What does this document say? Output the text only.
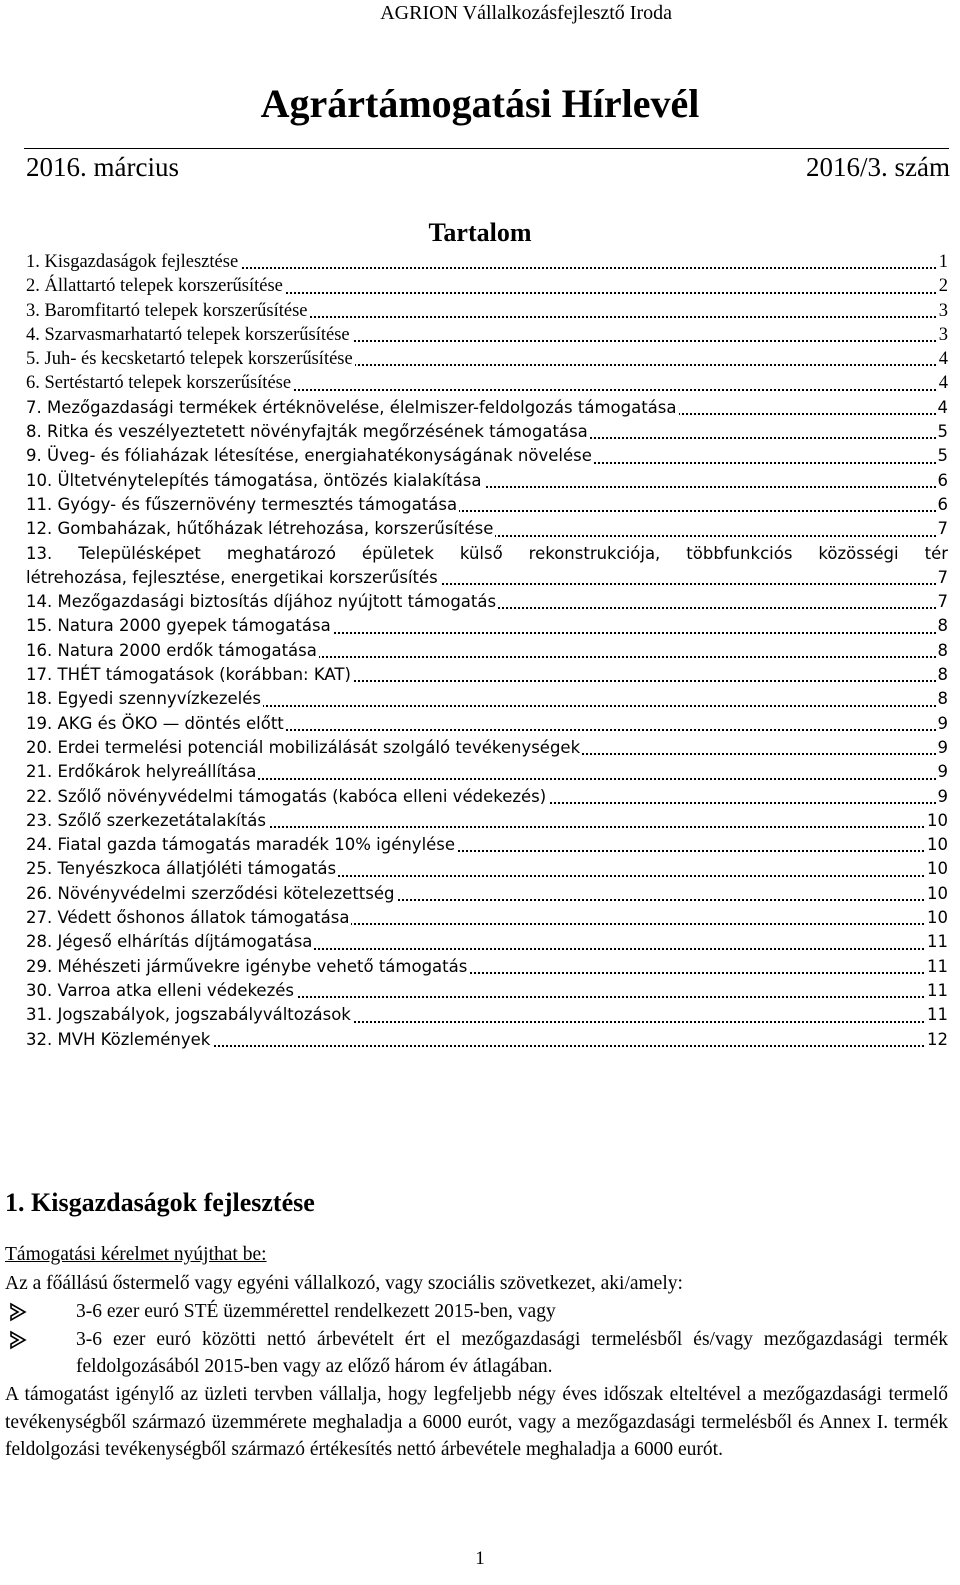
AGRION Vállalkozásfejlesztő Iroda
Agrártámogatási Hírlevél
2016. március	2016/3. szám
Tartalom
1. Kisgazdaságok fejlesztése	1
2. Állattartó telepek korszerűsítése	2
3. Baromfitartó telepek korszerűsítése	3
4. Szarvasmarhatartó telepek korszerűsítése	3
5. Juh- és kecsketartó telepek korszerűsítése	4
6. Sertéstartó telepek korszerűsítése	4
7. Mezőgazdasági termékek értéknövelése, élelmiszer-feldolgozás támogatása	4
8. Ritka és veszélyeztetett növényfajták megőrzésének támogatása	5
9. Üveg- és fóliaházak létesítése, energiahatékonyságának növelése	5
10. Ültetvénytelepítés támogatása, öntözés kialakítása	6
11. Gyógy- és fűszernövény termesztés támogatása	6
12. Gombaházak, hűtőházak létrehozása, korszerűsítése	7
13. Településképet meghatározó épületek külső rekonstrukciója, többfunkciós közösségi tér
létrehozása, fejlesztése, energetikai korszerűsítés	7
14. Mezőgazdasági biztosítás díjához nyújtott támogatás	7
15. Natura 2000 gyepek támogatása	8
16. Natura 2000 erdők támogatása	8
17. THÉT támogatások (korábban: KAT)	8
18. Egyedi szennyvízkezelés	8
19. AKG és ÖKO — döntés előtt	9
20. Erdei termelési potenciál mobilizálását szolgáló tevékenységek	9
21. Erdőkárok helyreállítása	9
22. Szőlő növényvédelmi támogatás (kabóca elleni védekezés)	9
23. Szőlő szerkezetátalakítás	10
24. Fiatal gazda támogatás maradék 10% igénylése	10
25. Tenyészkoca állatjóléti támogatás	10
26. Növényvédelmi szerződési kötelezettség	10
27. Védett őshonos állatok támogatása	10
28. Jégeső elhárítás díjtámogatása	11
29. Méhészeti járművekre igénybe vehető támogatás	11
30. Varroa atka elleni védekezés	11
31. Jogszabályok, jogszabályváltozások	11
32. MVH Közlemények	12
1. Kisgazdaságok fejlesztése
Támogatási kérelmet nyújthat be:
Az a főállású őstermelő vagy egyéni vállalkozó, vagy szociális szövetkezet, aki/amely:
3-6 ezer euró STÉ üzemmérettel rendelkezett 2015-ben, vagy
3-6 ezer euró közötti nettó árbevételt ért el mezőgazdasági termelésből és/vagy mezőgazdasági termék feldolgozásából 2015-ben vagy az előző három év átlagában.
A támogatást igénylő az üzleti tervben vállalja, hogy legfeljebb négy éves időszak elteltével a mezőgazdasági termelő tevékenységből származó üzemmérete meghaladja a 6000 eurót, vagy a mezőgazdasági termelésből és Annex I. termék feldolgozási tevékenységből származó értékesítés nettó árbevétele meghaladja a 6000 eurót.
1
